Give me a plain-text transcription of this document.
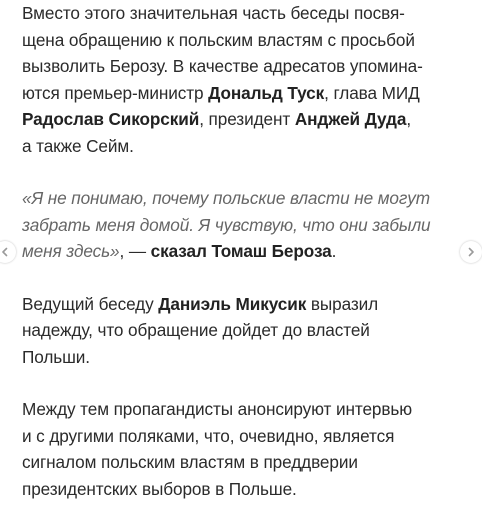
Вместо этого значительная часть беседы посвя-
щена обращению к польским властям с просьбой
вызволить Берозу. В качестве адресатов упомина-
ются премьер-министр Дональд Туск, глава МИД
Радослав Сикорский, президент Анджей Дуда,
а также Сейм.

«Я не понимаю, почему польские власти не могут
забрать меня домой. Я чувствую, что они забыли
меня здесь», — сказал Томаш Бероза.

Ведущий беседу Даниэль Микусик выразил
надежду, что обращение дойдет до властей
Польши.

Между тем пропагандисты анонсируют интервью
и с другими поляками, что, очевидно, является
сигналом польским властям в преддверии
президентских выборов в Польше.
